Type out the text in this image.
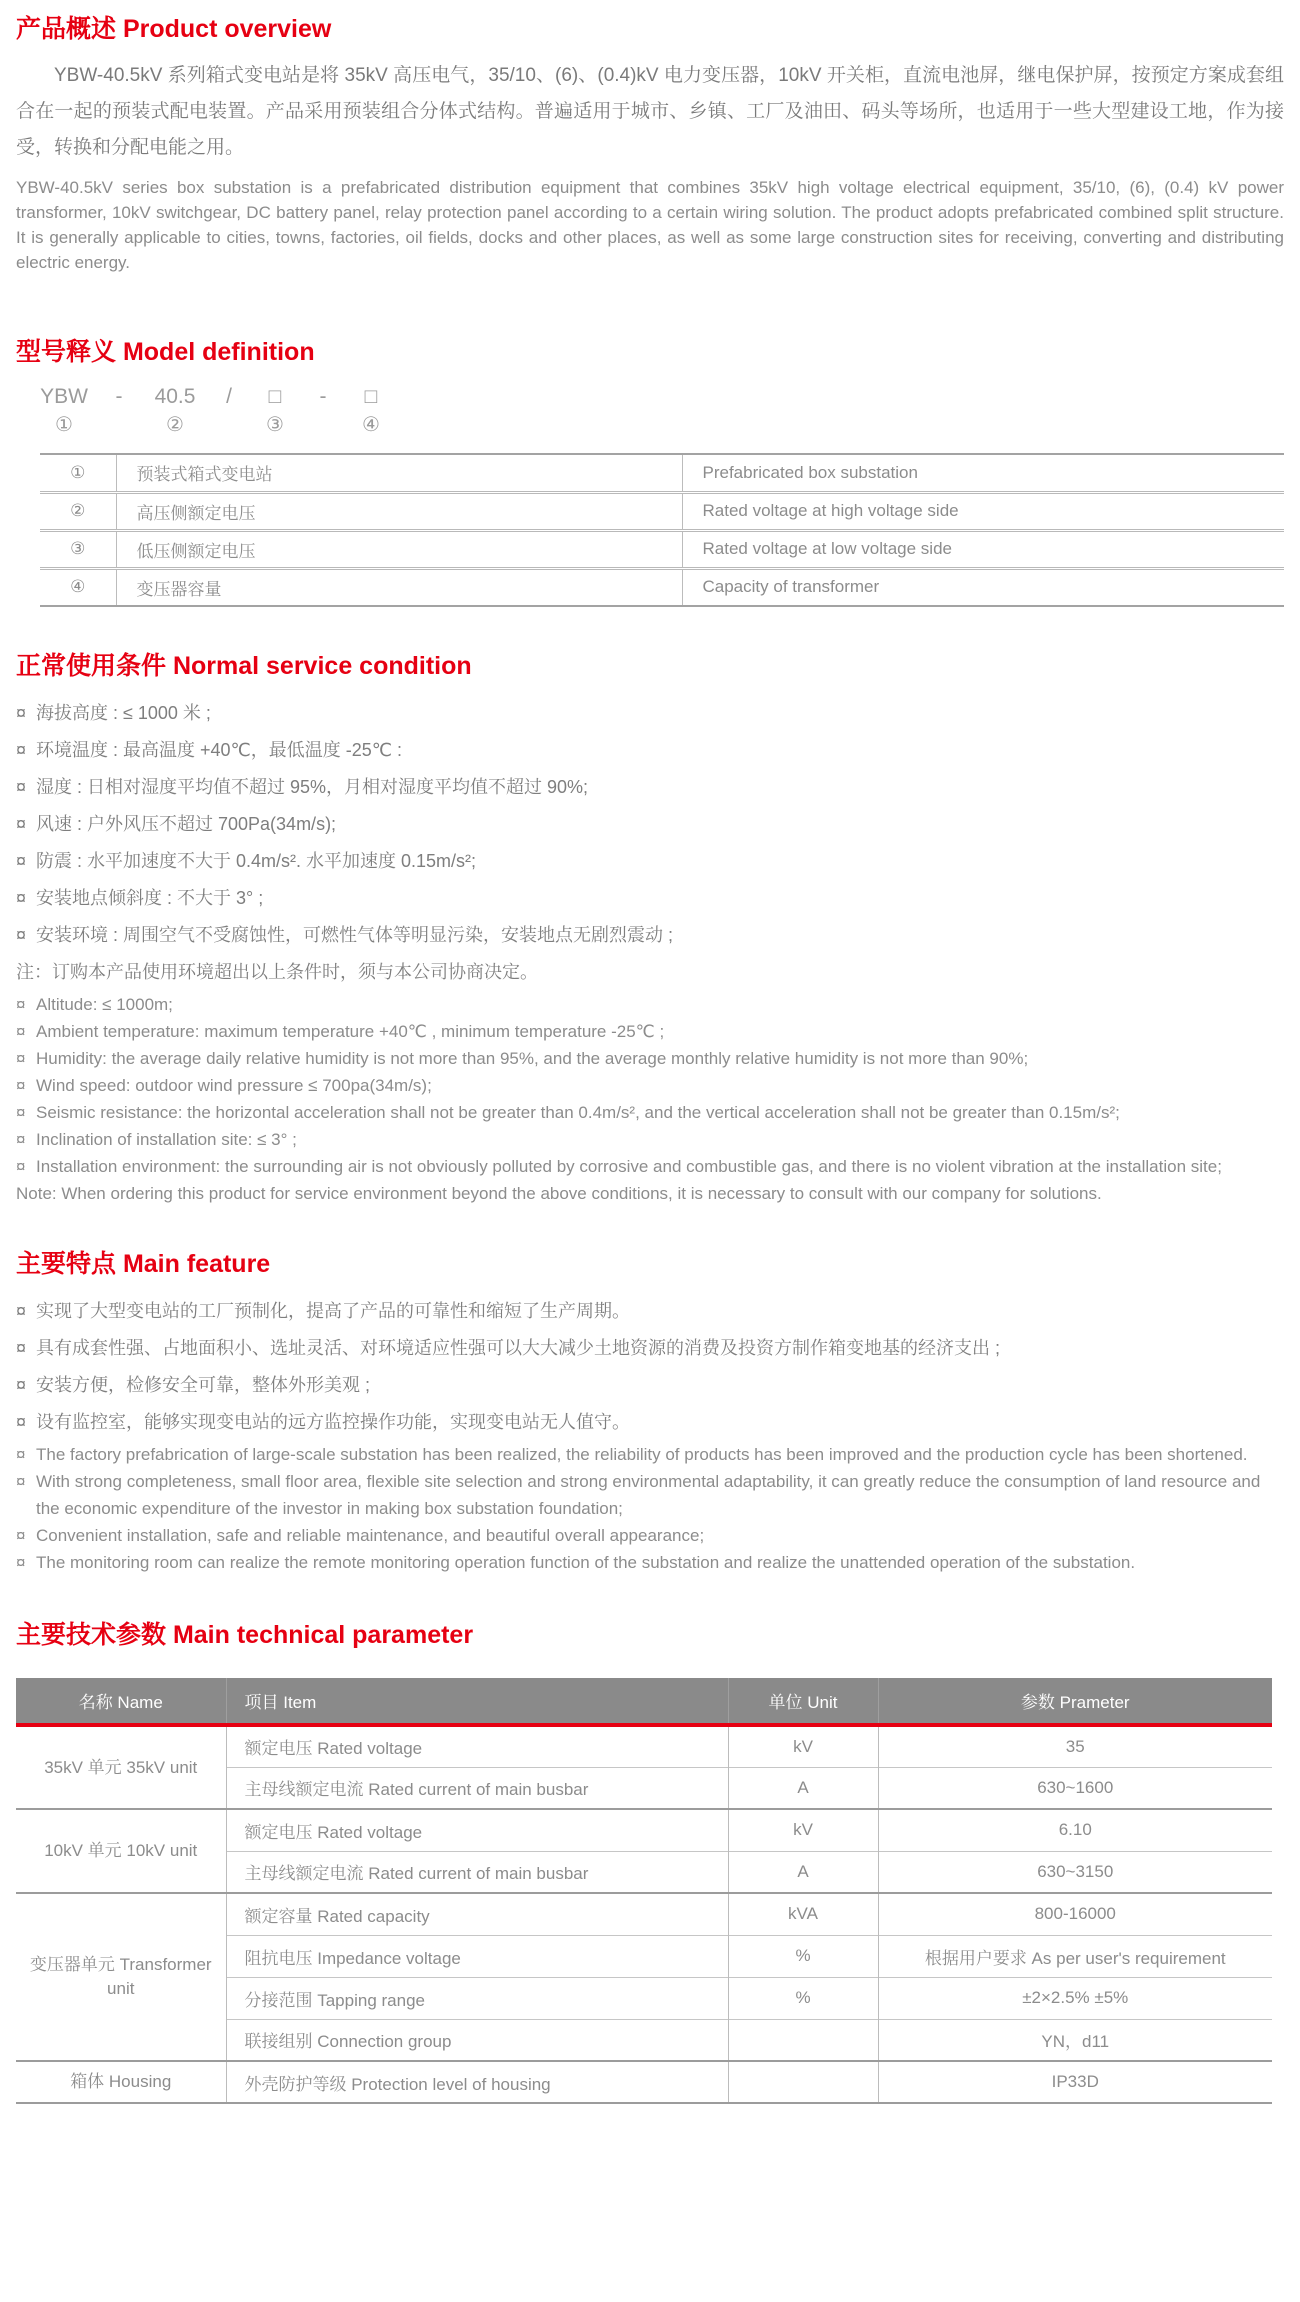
产品概述 Product overview

YBW-40.5kV 系列箱式变电站是将 35kV 高压电气，35/10、(6)、(0.4)kV 电力变压器，10kV 开关柜，直流电池屏，继电保护屏，按预定方案成套组合在一起的预装式配电装置。产品采用预装组合分体式结构。普遍适用于城市、乡镇、工厂及油田、码头等场所，也适用于一些大型建设工地，作为接受，转换和分配电能之用。

YBW-40.5kV series box substation is a prefabricated distribution equipment that combines 35kV high voltage electrical equipment, 35/10, (6), (0.4) kV power transformer, 10kV switchgear, DC battery panel, relay protection panel according to a certain wiring solution. The product adopts prefabricated combined split structure. It is generally applicable to cities, towns, factories, oil fields, docks and other places, as well as some large construction sites for receiving, converting and distributing electric energy.

型号释义 Model definition
YBW	-	40.5	/	□	-	□
①	②	③	④
①	预装式箱式变电站	Prefabricated box substation
②	高压侧额定电压	Rated voltage at high voltage side
③	低压侧额定电压	Rated voltage at low voltage side
④	变压器容量	Capacity of transformer
正常使用条件 Normal service condition
¤ 海拔高度 : ≤ 1000 米 ;
¤ 环境温度 : 最高温度 +40℃，最低温度 -25℃ :
¤ 湿度 : 日相对湿度平均值不超过 95%，月相对湿度平均值不超过 90%;
¤ 风速 : 户外风压不超过 700Pa(34m/s);
¤ 防震 : 水平加速度不大于 0.4m/s². 水平加速度 0.15m/s²;
¤ 安装地点倾斜度 : 不大于 3° ;
¤ 安装环境 : 周围空气不受腐蚀性，可燃性气体等明显污染，安装地点无剧烈震动 ;
注：订购本产品使用环境超出以上条件时，须与本公司协商决定。
¤ Altitude: ≤ 1000m;
¤ Ambient temperature: maximum temperature +40℃ , minimum temperature -25℃ ;
¤ Humidity: the average daily relative humidity is not more than 95%, and the average monthly relative humidity is not more than 90%;
¤ Wind speed: outdoor wind pressure ≤ 700pa(34m/s);
¤ Seismic resistance: the horizontal acceleration shall not be greater than 0.4m/s², and the vertical acceleration shall not be greater than 0.15m/s²;
¤ Inclination of installation site: ≤ 3° ;
¤ Installation environment: the surrounding air is not obviously polluted by corrosive and combustible gas, and there is no violent vibration at the installation site;
Note: When ordering this product for service environment beyond the above conditions, it is necessary to consult with our company for solutions.
主要特点 Main feature
¤ 实现了大型变电站的工厂预制化，提高了产品的可靠性和缩短了生产周期。
¤ 具有成套性强、占地面积小、选址灵活、对环境适应性强可以大大减少土地资源的消费及投资方制作箱变地基的经济支出 ;
¤ 安装方便，检修安全可靠，整体外形美观 ;
¤ 设有监控室，能够实现变电站的远方监控操作功能，实现变电站无人值守。
¤ The factory prefabrication of large-scale substation has been realized, the reliability of products has been improved and the production cycle has been shortened.
¤ With strong completeness, small floor area, flexible site selection and strong environmental adaptability, it can greatly reduce the consumption of land resource and the economic expenditure of the investor in making box substation foundation;
¤ Convenient installation, safe and reliable maintenance, and beautiful overall appearance;
¤ The monitoring room can realize the remote monitoring operation function of the substation and realize the unattended operation of the substation.
主要技术参数 Main technical parameter
名称 Name	项目 Item	单位 Unit	参数 Prameter
35kV 单元 35kV unit	额定电压 Rated voltage	kV	35
	主母线额定电流 Rated current of main busbar	A	630~1600
10kV 单元 10kV unit	额定电压 Rated voltage	kV	6.10
	主母线额定电流 Rated current of main busbar	A	630~3150
变压器单元 Transformer unit	额定容量 Rated capacity	kVA	800-16000
	阻抗电压 Impedance voltage	%	根据用户要求 As per user's requirement
	分接范围 Tapping range	%	±2×2.5% ±5%
	联接组别 Connection group		YN，d11
箱体 Housing	外壳防护等级 Protection level of housing		IP33D
